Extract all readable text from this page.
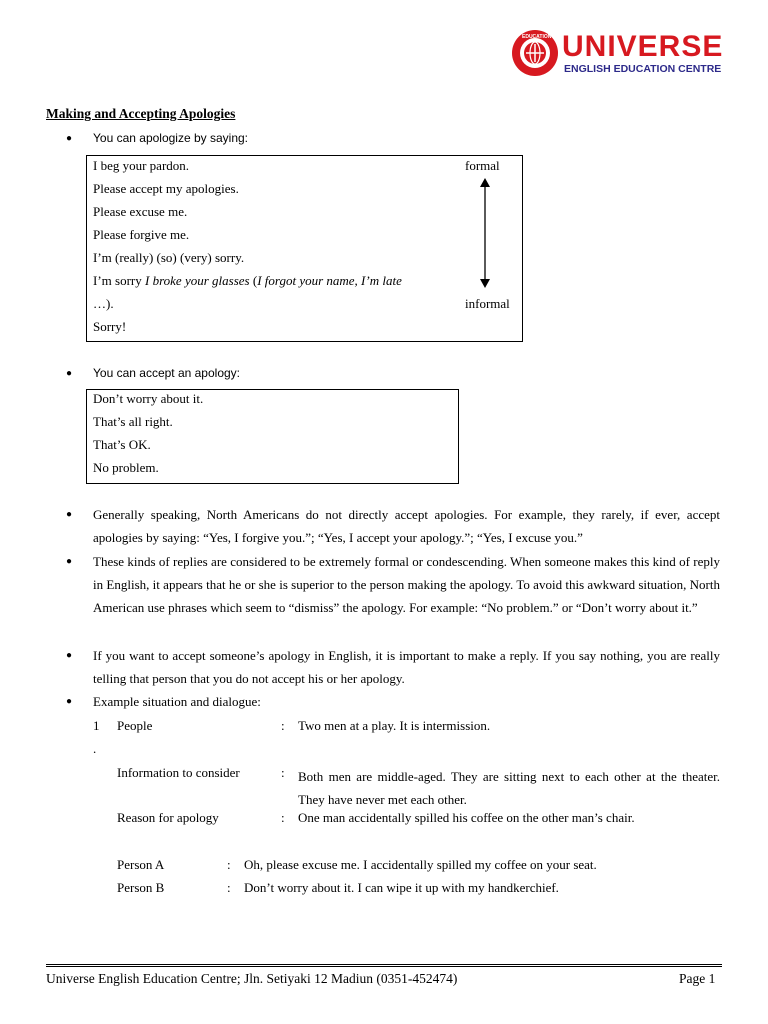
EDUCATION UNIVERSE
ENGLISH EDUCATION CENTRE
Making and Accepting Apologies
● You can apologize by saying:
I beg your pardon.
Please accept my apologies.
Please excuse me.
Please forgive me.
I’m (really) (so) (very) sorry.
I’m sorry I broke your glasses (I forgot your name, I’m late
…).
Sorry!
formal
informal
● You can accept an apology:
Don’t worry about it.
That’s all right.
That’s OK.
No problem.
● Generally speaking, North Americans do not directly accept apologies. For example, they rarely, if ever, accept apologies by saying: “Yes, I forgive you.”; “Yes, I accept your apology.”; “Yes, I excuse you.”
● These kinds of replies are considered to be extremely formal or condescending. When someone makes this kind of reply in English, it appears that he or she is superior to the person making the apology. To avoid this awkward situation, North American use phrases which seem to “dismiss” the apology. For example: “No problem.” or “Don’t worry about it.”
● If you want to accept someone’s apology in English, it is important to make a reply. If you say nothing, you are really telling that person that you do not accept his or her apology.
● Example situation and dialogue:
1
.
People	: Two men at a play. It is intermission.
Information to consider	: Both men are middle-aged. They are sitting next to each other at the theater. They have never met each other.
Reason for apology	: One man accidentally spilled his coffee on the other man’s chair.
Person A	: Oh, please excuse me. I accidentally spilled my coffee on your seat.
Person B	: Don’t worry about it. I can wipe it up with my handkerchief.
Universe English Education Centre; Jln. Setiyaki 12 Madiun (0351-452474)	Page 1
